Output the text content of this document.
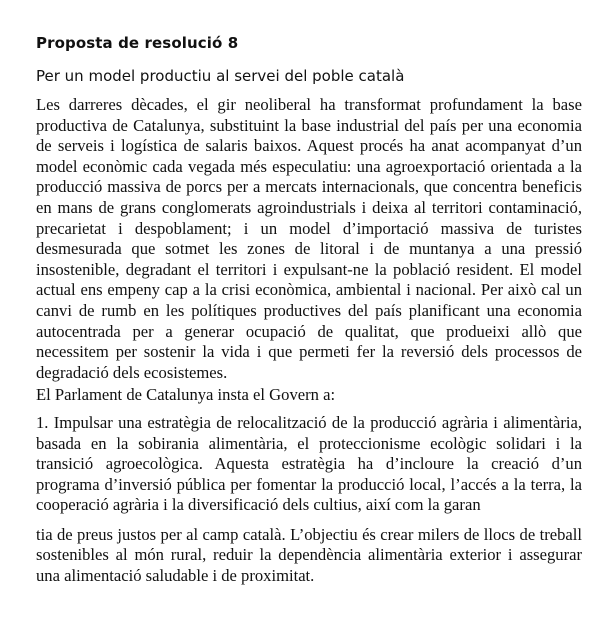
Proposta de resolució 8
Per un model productiu al servei del poble català

Les darreres dècades, el gir neoliberal ha transformat profundament la base productiva de Catalunya, substituint la base industrial del país per una economia de serveis i logística de salaris baixos. Aquest procés ha anat acompanyat d’un model econòmic cada vegada més especulatiu: una agroexportació orientada a la producció massiva de porcs per a mercats internacionals, que concentra beneficis en mans de grans conglomerats agroindustrials i deixa al territori contaminació, precarietat i despoblament; i un model d’importació massiva de turistes desmesurada que sotmet les zones de litoral i de muntanya a una pressió insostenible, degradant el territori i expulsant-ne la població resident. El model actual ens empeny cap a la crisi econòmica, ambiental i nacional. Per això cal un canvi de rumb en les polítiques productives del país planificant una economia autocentrada per a generar ocupació de qualitat, que produeixi allò que necessitem per sostenir la vida i que permeti fer la reversió dels processos de degradació dels ecosistemes.

El Parlament de Catalunya insta el Govern a:

1. Impulsar una estratègia de relocalització de la producció agrària i alimentària, basada en la sobirania alimentària, el proteccionisme ecològic solidari i la transició agroecològica. Aquesta estratègia ha d’incloure la creació d’un programa d’inversió pública per fomentar la producció local, l’accés a la terra, la cooperació agrària i la diversificació dels cultius, així com la garan

tia de preus justos per al camp català. L’objectiu és crear milers de llocs de treball sostenibles al món rural, reduir la dependència alimentària exterior i assegurar una alimentació saludable i de proximitat.
